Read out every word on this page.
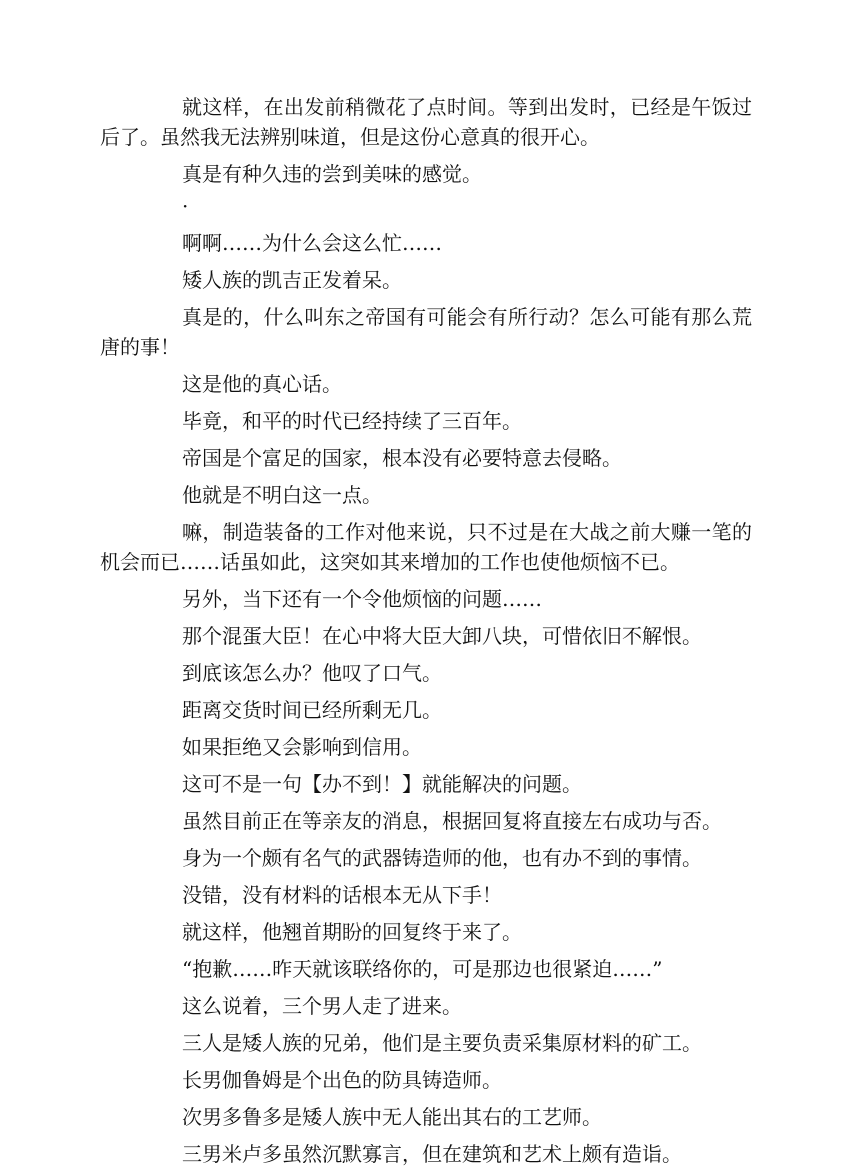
就这样，在出发前稍微花了点时间。等到出发时，已经是午饭过后了。虽然我无法辨别味道，但是这份心意真的很开心。

真是有种久违的尝到美味的感觉。

·

啊啊……为什么会这么忙……

矮人族的凯吉正发着呆。

真是的，什么叫东之帝国有可能会有所行动？怎么可能有那么荒唐的事！

这是他的真心话。

毕竟，和平的时代已经持续了三百年。

帝国是个富足的国家，根本没有必要特意去侵略。

他就是不明白这一点。

嘛，制造装备的工作对他来说，只不过是在大战之前大赚一笔的机会而已……话虽如此，这突如其来增加的工作也使他烦恼不已。

另外，当下还有一个令他烦恼的问题……

那个混蛋大臣！在心中将大臣大卸八块，可惜依旧不解恨。

到底该怎么办？他叹了口气。

距离交货时间已经所剩无几。

如果拒绝又会影响到信用。

这可不是一句【办不到！】就能解决的问题。

虽然目前正在等亲友的消息，根据回复将直接左右成功与否。

身为一个颇有名气的武器铸造师的他，也有办不到的事情。

没错，没有材料的话根本无从下手！

就这样，他翘首期盼的回复终于来了。

“抱歉……昨天就该联络你的，可是那边也很紧迫……”

这么说着，三个男人走了进来。

三人是矮人族的兄弟，他们是主要负责采集原材料的矿工。

长男伽鲁姆是个出色的防具铸造师。

次男多鲁多是矮人族中无人能出其右的工艺师。

三男米卢多虽然沉默寡言，但在建筑和艺术上颇有造诣。
